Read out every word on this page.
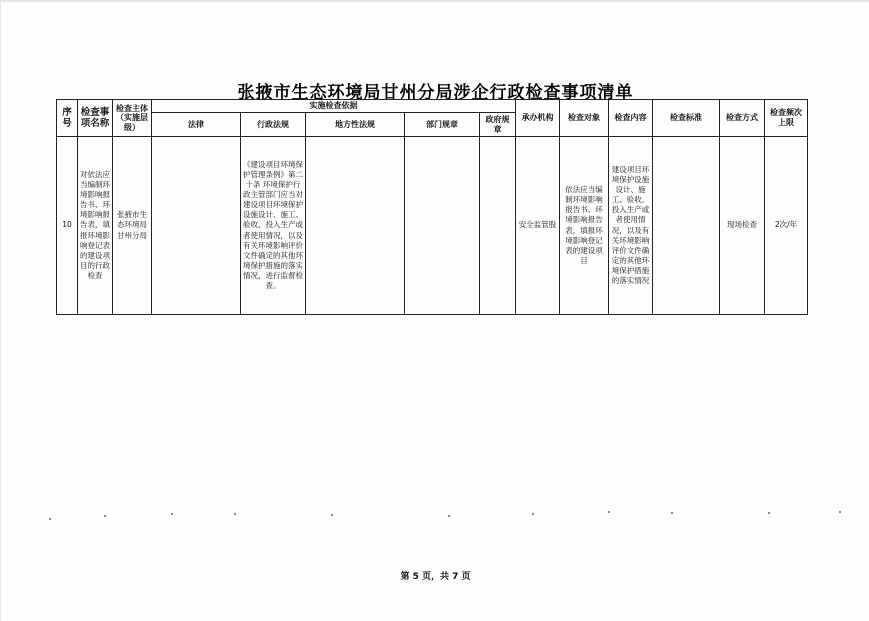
张掖市生态环境局甘州分局涉企行政检查事项清单
序号	检查事项名称	检查主体（实施层级）	实施检查依据					承办机构	检查对象	检查内容	检查标准	检查方式	检查频次上限
			法律	行政法规	地方性法规	部门规章	政府规章						
10	对依法应当编制环境影响报告书、环境影响报告表，填报环境影响登记表的建设项目的行政检查	张掖市生态环境局甘州分局		《建设项目环境保护管理条例》第二十条 环境保护行政主管部门应当对建设项目环境保护设施设计、施工、验收、投入生产或者使用情况，以及有关环境影响评价文件确定的其他环境保护措施的落实情况，进行监督检查。				安全监管股	依法应当编制环境影响报告书、环境影响报告表，填报环境影响登记表的建设项目	建设项目环境保护设施设计、施工、验收、投入生产或者使用情况，以及有关环境影响评价文件确定的其他环境保护措施的落实情况		现场检查	2次/年
第 5 页，共 7 页
